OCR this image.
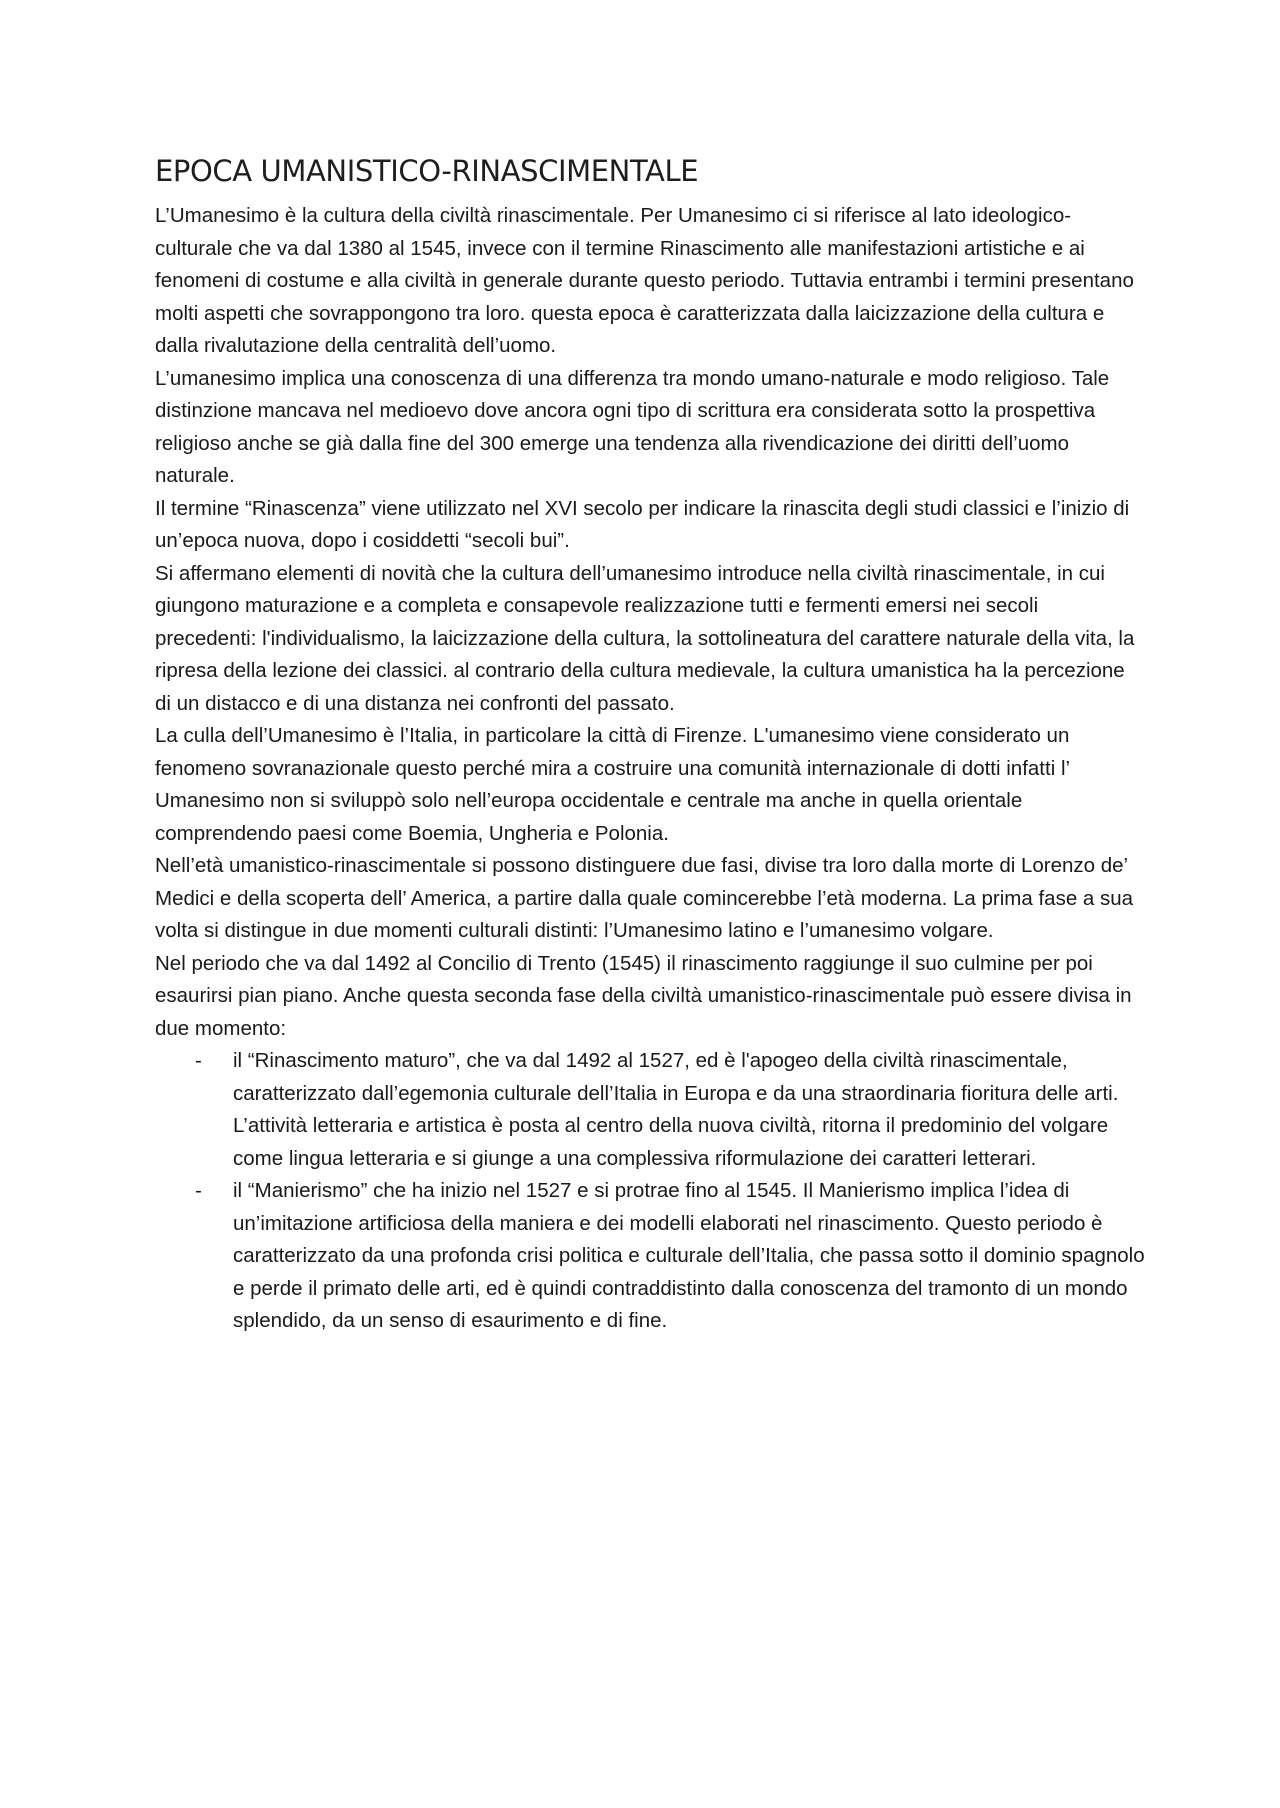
EPOCA UMANISTICO-RINASCIMENTALE

L’Umanesimo è la cultura della civiltà rinascimentale. Per Umanesimo ci si riferisce al lato ideologico- culturale che va dal 1380 al 1545, invece con il termine Rinascimento alle manifestazioni artistiche e ai fenomeni di costume e alla civiltà in generale durante questo periodo. Tuttavia entrambi i termini presentano molti aspetti che sovrappongono tra loro. questa epoca è caratterizzata dalla laicizzazione della cultura e dalla rivalutazione della centralità dell’uomo.

L’umanesimo implica una conoscenza di una differenza tra mondo umano-naturale e modo religioso. Tale distinzione mancava nel medioevo dove ancora ogni tipo di scrittura era considerata sotto la prospettiva religioso anche se già dalla fine del 300 emerge una tendenza alla rivendicazione dei diritti dell’uomo naturale.

Il termine “Rinascenza” viene utilizzato nel XVI secolo per indicare la rinascita degli studi classici e l’inizio di un’epoca nuova, dopo i cosiddetti “secoli bui”.

Si affermano elementi di novità che la cultura dell’umanesimo introduce nella civiltà rinascimentale, in cui giungono maturazione e a completa e consapevole realizzazione tutti e fermenti emersi nei secoli precedenti: l'individualismo, la laicizzazione della cultura, la sottolineatura del carattere naturale della vita, la ripresa della lezione dei classici. al contrario della cultura medievale, la cultura umanistica ha la percezione di un distacco e di una distanza nei confronti del passato.

La culla dell’Umanesimo è l’Italia, in particolare la città di Firenze. L'umanesimo viene considerato un fenomeno sovranazionale questo perché mira a costruire una comunità internazionale di dotti infatti l’ Umanesimo non si sviluppò solo nell’europa occidentale e centrale ma anche in quella orientale comprendendo paesi come Boemia, Ungheria e Polonia.

Nell’età umanistico-rinascimentale si possono distinguere due fasi, divise tra loro dalla morte di Lorenzo de’ Medici e della scoperta dell’ America, a partire dalla quale comincerebbe l’età moderna. La prima fase a sua volta si distingue in due momenti culturali distinti: l’Umanesimo latino e l’umanesimo volgare.

Nel periodo che va dal 1492 al Concilio di Trento (1545) il rinascimento raggiunge il suo culmine per poi esaurirsi pian piano. Anche questa seconda fase della civiltà umanistico-rinascimentale può essere divisa in due momento:

- il “Rinascimento maturo”, che va dal 1492 al 1527, ed è l'apogeo della civiltà rinascimentale, caratterizzato dall’egemonia culturale dell’Italia in Europa e da una straordinaria fioritura delle arti. L’attività letteraria e artistica è posta al centro della nuova civiltà, ritorna il predominio del volgare come lingua letteraria e si giunge a una complessiva riformulazione dei caratteri letterari.
- il “Manierismo” che ha inizio nel 1527 e si protrae fino al 1545. Il Manierismo implica l’idea di un’imitazione artificiosa della maniera e dei modelli elaborati nel rinascimento. Questo periodo è caratterizzato da una profonda crisi politica e culturale dell’Italia, che passa sotto il dominio spagnolo e perde il primato delle arti, ed è quindi contraddistinto dalla conoscenza del tramonto di un mondo splendido, da un senso di esaurimento e di fine.
